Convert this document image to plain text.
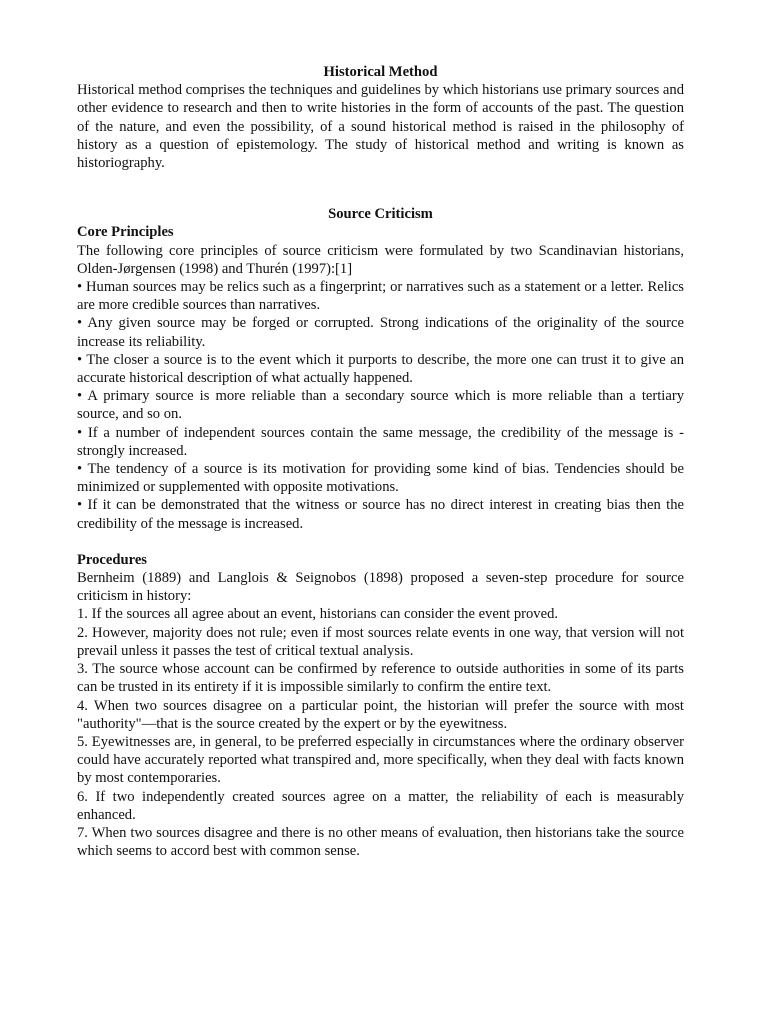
Historical Method

Historical method comprises the techniques and guidelines by which historians use primary sources and other evidence to research and then to write histories in the form of accounts of the past. The question of the nature, and even the possibility, of a sound historical method is raised in the philosophy of history as a question of epistemology. The study of historical method and writing is known as historiography.

Source Criticism
Core Principles

The following core principles of source criticism were formulated by two Scandinavian historians, Olden-Jørgensen (1998) and Thurén (1997):[1]

• Human sources may be relics such as a fingerprint; or narratives such as a statement or a letter. Relics are more credible sources than narratives.
• Any given source may be forged or corrupted. Strong indications of the originality of the source increase its reliability.
• The closer a source is to the event which it purports to describe, the more one can trust it to give an accurate historical description of what actually happened.
• A primary source is more reliable than a secondary source which is more reliable than a tertiary source, and so on.
• If a number of independent sources contain the same message, the credibility of the message is -strongly increased.
• The tendency of a source is its motivation for providing some kind of bias. Tendencies should be minimized or supplemented with opposite motivations.
• If it can be demonstrated that the witness or source has no direct interest in creating bias then the credibility of the message is increased.
Procedures

Bernheim (1889) and Langlois & Seignobos (1898) proposed a seven-step procedure for source criticism in history:

1. If the sources all agree about an event, historians can consider the event proved.
2. However, majority does not rule; even if most sources relate events in one way, that version will not prevail unless it passes the test of critical textual analysis.
3. The source whose account can be confirmed by reference to outside authorities in some of its parts can be trusted in its entirety if it is impossible similarly to confirm the entire text.
4. When two sources disagree on a particular point, the historian will prefer the source with most "authority"—that is the source created by the expert or by the eyewitness.
5. Eyewitnesses are, in general, to be preferred especially in circumstances where the ordinary observer could have accurately reported what transpired and, more specifically, when they deal with facts known by most contemporaries.
6. If two independently created sources agree on a matter, the reliability of each is measurably enhanced.
7. When two sources disagree and there is no other means of evaluation, then historians take the source which seems to accord best with common sense.
